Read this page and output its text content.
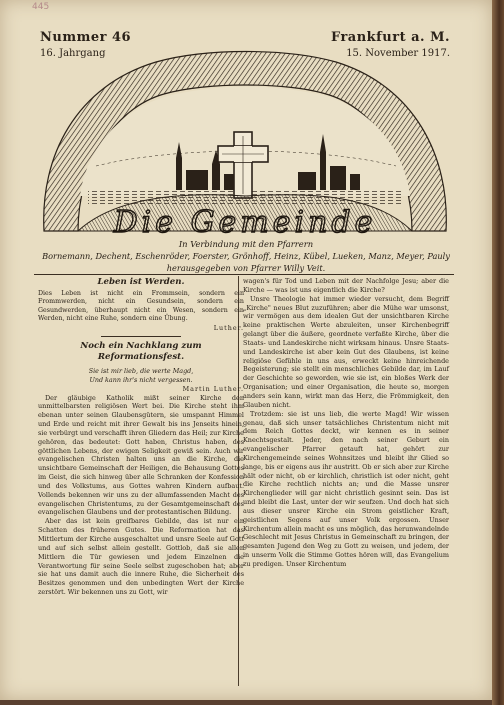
445
Nummer 46
16. Jahrgang
Frankfurt a. M.
15. November 1917.
Die Gemeinde
In Verbindung mit den Pfarrern
Bornemann, Dechent, Eschenröder, Foerster, Grönhoff, Heinz, Kübel, Lueken, Manz, Meyer, Pauly
herausgegeben von Pfarrer Willy Veit.
Leben ist Werden.
Dies Leben ist nicht ein Frommsein, sondern ein Frommwerden, nicht ein Gesundsein, sondern ein Gesundwerden, überhaupt nicht ein Wesen, sondern ein Werden, nicht eine Ruhe, sondern eine Übung.
Luther.
Noch ein Nachklang zum Reformationsfest.
Sie ist mir lieb, die werte Magd,
Und kann ihr's nicht vergessen.
Martin Luther.

Der gläubige Katholik mißt seiner Kirche den unmittelbarsten religiösen Wert bei. Die Kirche steht ihm ebenan unter seinen Glaubensgütern, sie umspannt Himmel und Erde und reicht mit ihrer Gewalt bis ins Jenseits hinein, sie verbürgt und verschafft ihren Gliedern das Heil; zur Kirche gehören, das bedeutet: Gott haben, Christus haben, des göttlichen Lebens, der ewigen Seligkeit gewiß sein. Auch wir evangelischen Christen halten uns an die Kirche, die unsichtbare Gemeinschaft der Heiligen, die Behausung Gottes im Geist, die sich hinweg über alle Schranken der Konfession und des Volkstums, aus Gottes wahren Kindern aufbaut. Vollends bekennen wir uns zu der allumfassenden Macht des evangelischen Christentums, zu der Gesamtgemeinschaft des evangelischen Glaubens und der protestantischen Bildung.

Aber das ist kein greifbares Gebilde, das ist nur ein Schatten des früheren Gutes. Die Reformation hat das Mittlertum der Kirche ausgeschaltet und unsre Seele auf Gott und auf sich selbst allein gestellt. Gottlob, daß sie allen Mittlern die Tür gewiesen und jedem Einzelnen die Verantwortung für seine Seele selbst zugeschoben hat; aber sie hat uns damit auch die innere Ruhe, die Sicherheit des Besitzes genommen und den unbedingten Wert der Kirche zerstört. Wir bekennen uns zu Gott, wir

wagen's für Tod und Leben mit der Nachfolge Jesu; aber die Kirche — was ist uns eigentlich die Kirche?

Unsre Theologie hat immer wieder versucht, dem Begriff „Kirche" neues Blut zuzuführen; aber die Mühe war umsonst, wir vermögen aus dem idealen Gut der unsichtbaren Kirche keine praktischen Werte abzuleiten, unser Kirchenbegriff gelangt über die äußere, geordnete verfaßte Kirche, über die Staats- und Landeskirche nicht wirksam hinaus. Unsre Staats- und Landeskirche ist aber kein Gut des Glaubens, ist keine religiöse Gefühle in uns aus, erweckt keine hinreichende Begeisterung; sie stellt ein menschliches Gebilde dar, im Lauf der Geschichte so geworden, wie sie ist, ein bloßes Werk der Organisation; und einer Organisation, die heute so, morgen anders sein kann, wirkt man das Herz, die Frömmigkeit, den Glauben nicht.

Trotzdem: sie ist uns lieb, die werte Magd! Wir wissen genau, daß sich unser tatsächliches Christentum nicht mit dem Reich Gottes deckt, wir kennen es in seiner Knechtsgestalt. Jeder, den nach seiner Geburt ein evangelischer Pfarrer getauft hat, gehört zur Kirchengemeinde seines Wohnsitzes und bleibt ihr Glied so lange, bis er eigens aus ihr austritt. Ob er sich aber zur Kirche hält oder nicht, ob er kirchlich, christlich ist oder nicht, geht die Kirche rechtlich nichts an; und die Masse unsrer Kirchenglieder will gar nicht christlich gesinnt sein. Das ist und bleibt die Last, unter der wir seufzen. Und doch hat sich aus dieser unsrer Kirche ein Strom geistlicher Kraft, geistlichen Segens auf unser Volk ergossen. Unser Kirchentum allein macht es uns möglich, das herunwandelnde Geschlecht mit Jesus Christus in Gemeinschaft zu bringen, der gesamten Jugend den Weg zu Gott zu weisen, und jedem, der in unserm Volk die Stimme Gottes hören will, das Evangelium zu predigen. Unser Kirchentum
